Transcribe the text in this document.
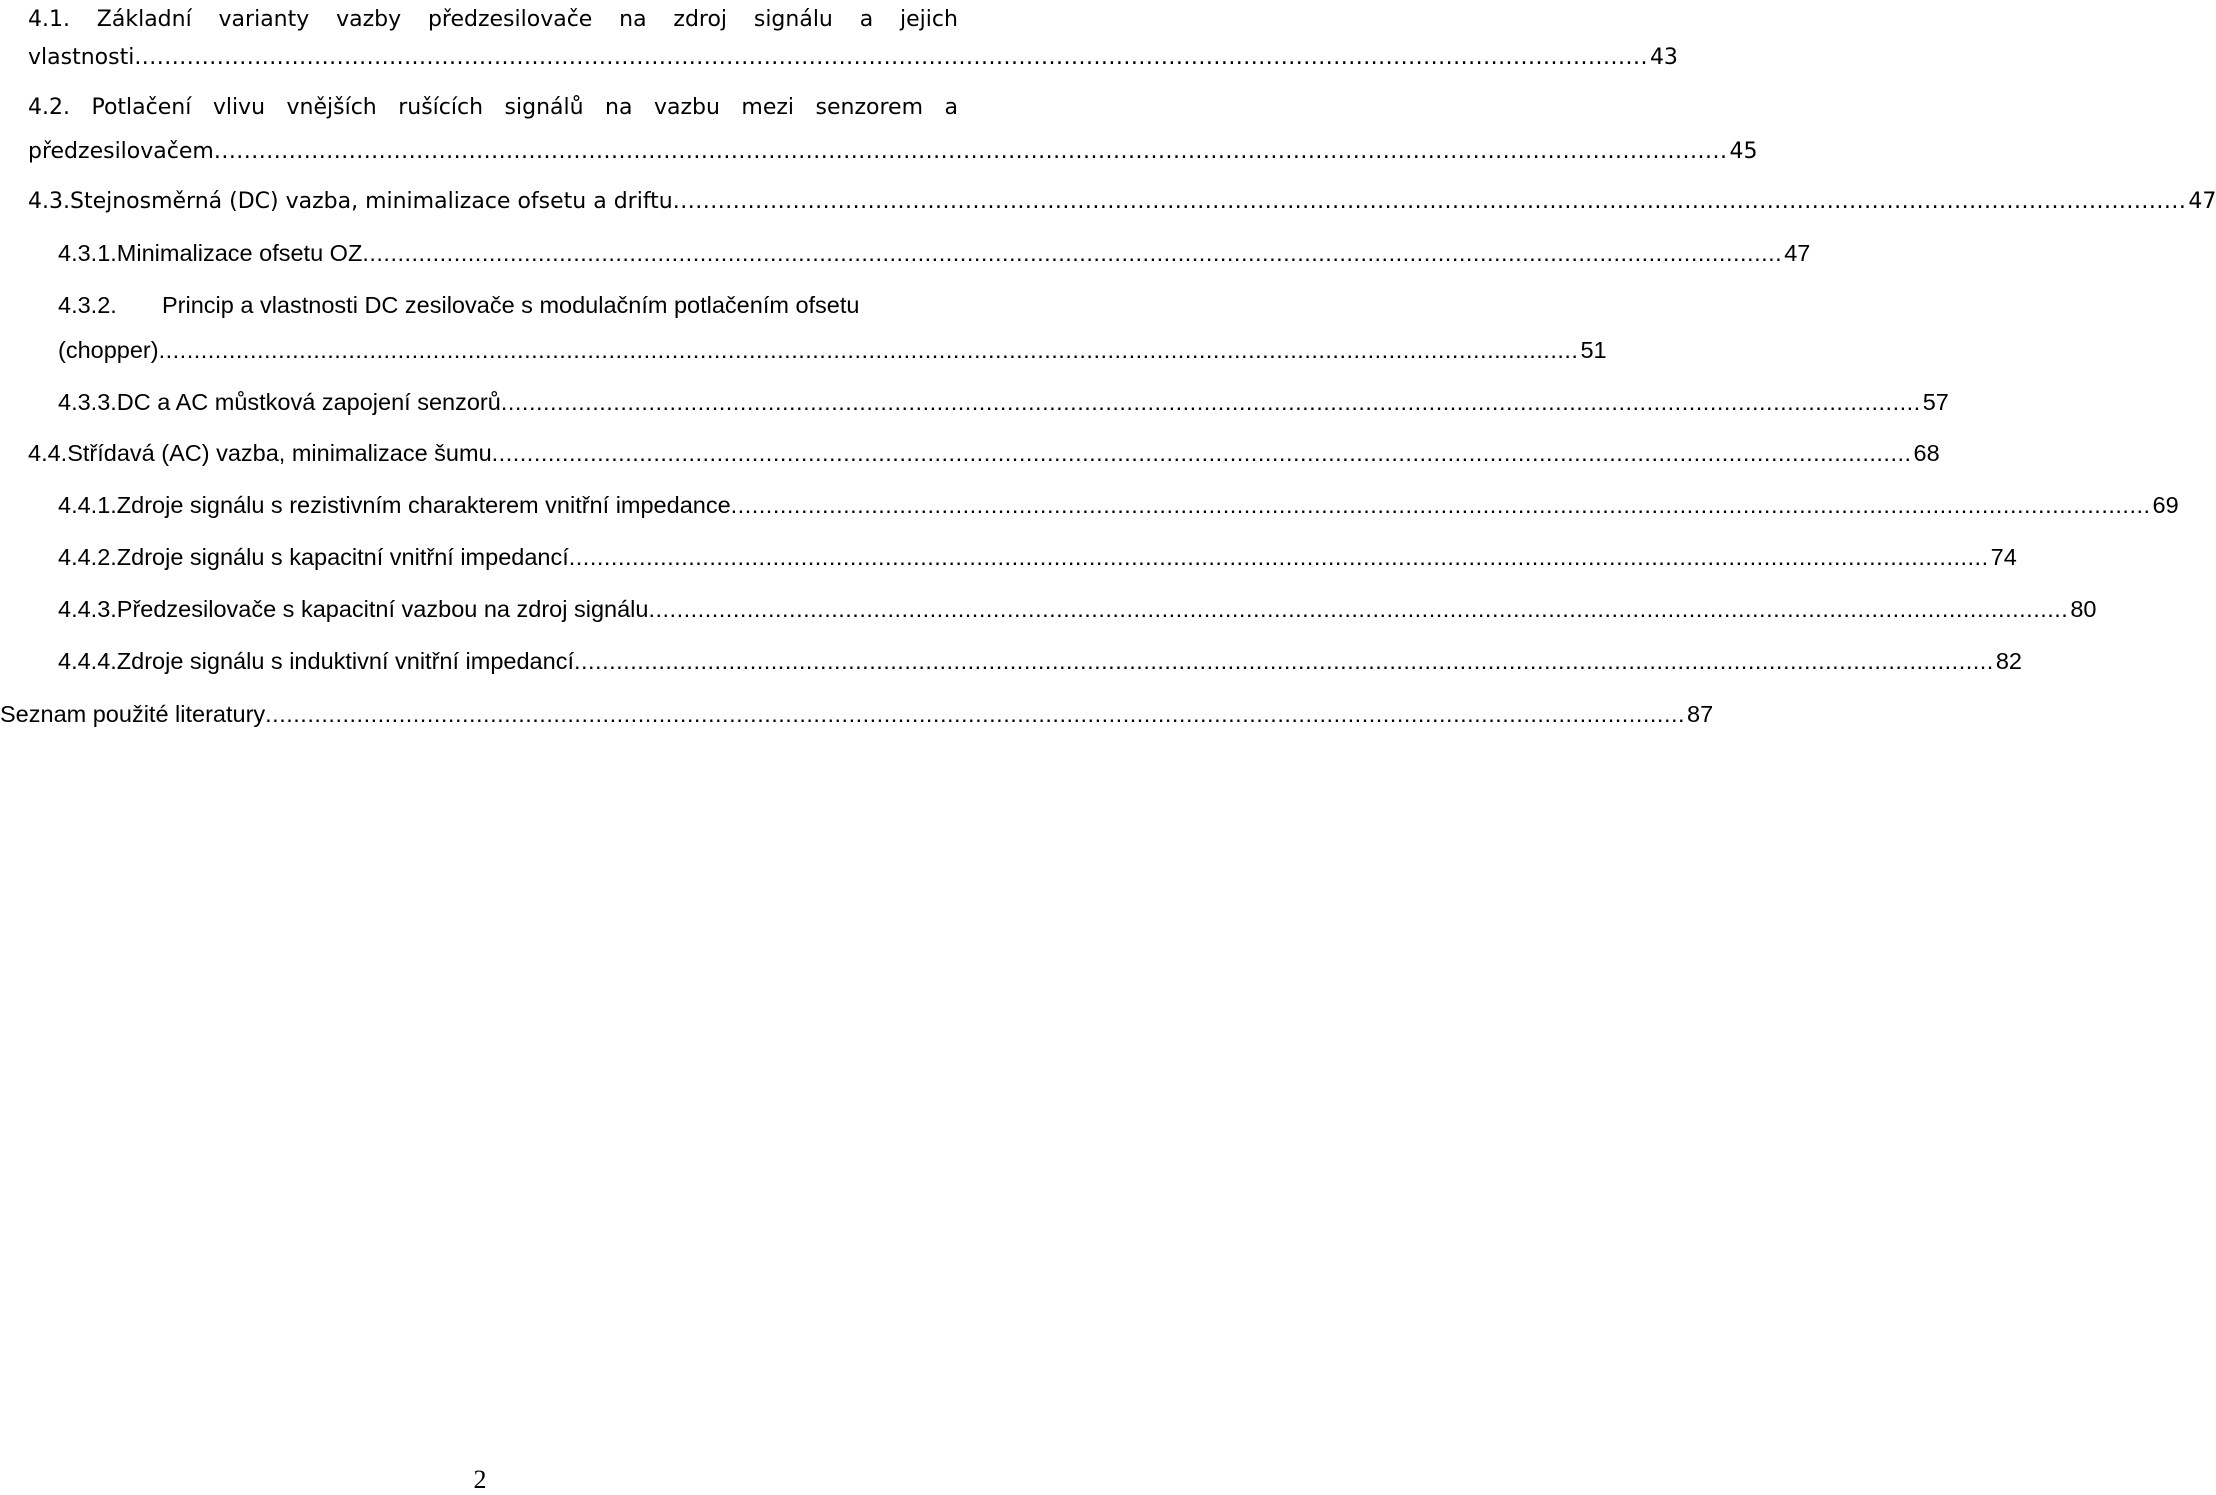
4.1. Základní varianty vazby předzesilovače na zdroj signálu a jejich
vlastnosti .......................................................................................................................................................................................................... 43
4.2. Potlačení vlivu vnějších rušících signálů na vazbu mezi senzorem a
předzesilovačem .......................................................................................................................................................................................................... 45
4.3. Stejnosměrná (DC) vazba, minimalizace ofsetu a driftu .......................................................................................................................................................................................................... 47
4.3.1. Minimalizace ofsetu OZ .......................................................................................................................................................................................................... 47
4.3.2.	Princip a vlastnosti DC zesilovače s modulačním potlačením ofsetu
(chopper) .......................................................................................................................................................................................................... 51
4.3.3. DC a AC můstková zapojení senzorů .......................................................................................................................................................................................................... 57
4.4. Střídavá (AC) vazba, minimalizace šumu .......................................................................................................................................................................................................... 68
4.4.1. Zdroje signálu s rezistivním charakterem vnitřní impedance .......................................................................................................................................................................................................... 69
4.4.2. Zdroje signálu s kapacitní vnitřní impedancí .......................................................................................................................................................................................................... 74
4.4.3. Předzesilovače s kapacitní vazbou na zdroj signálu .......................................................................................................................................................................................................... 80
4.4.4. Zdroje signálu s induktivní vnitřní impedancí .......................................................................................................................................................................................................... 82
Seznam použité literatury .......................................................................................................................................................................................................... 87
2
